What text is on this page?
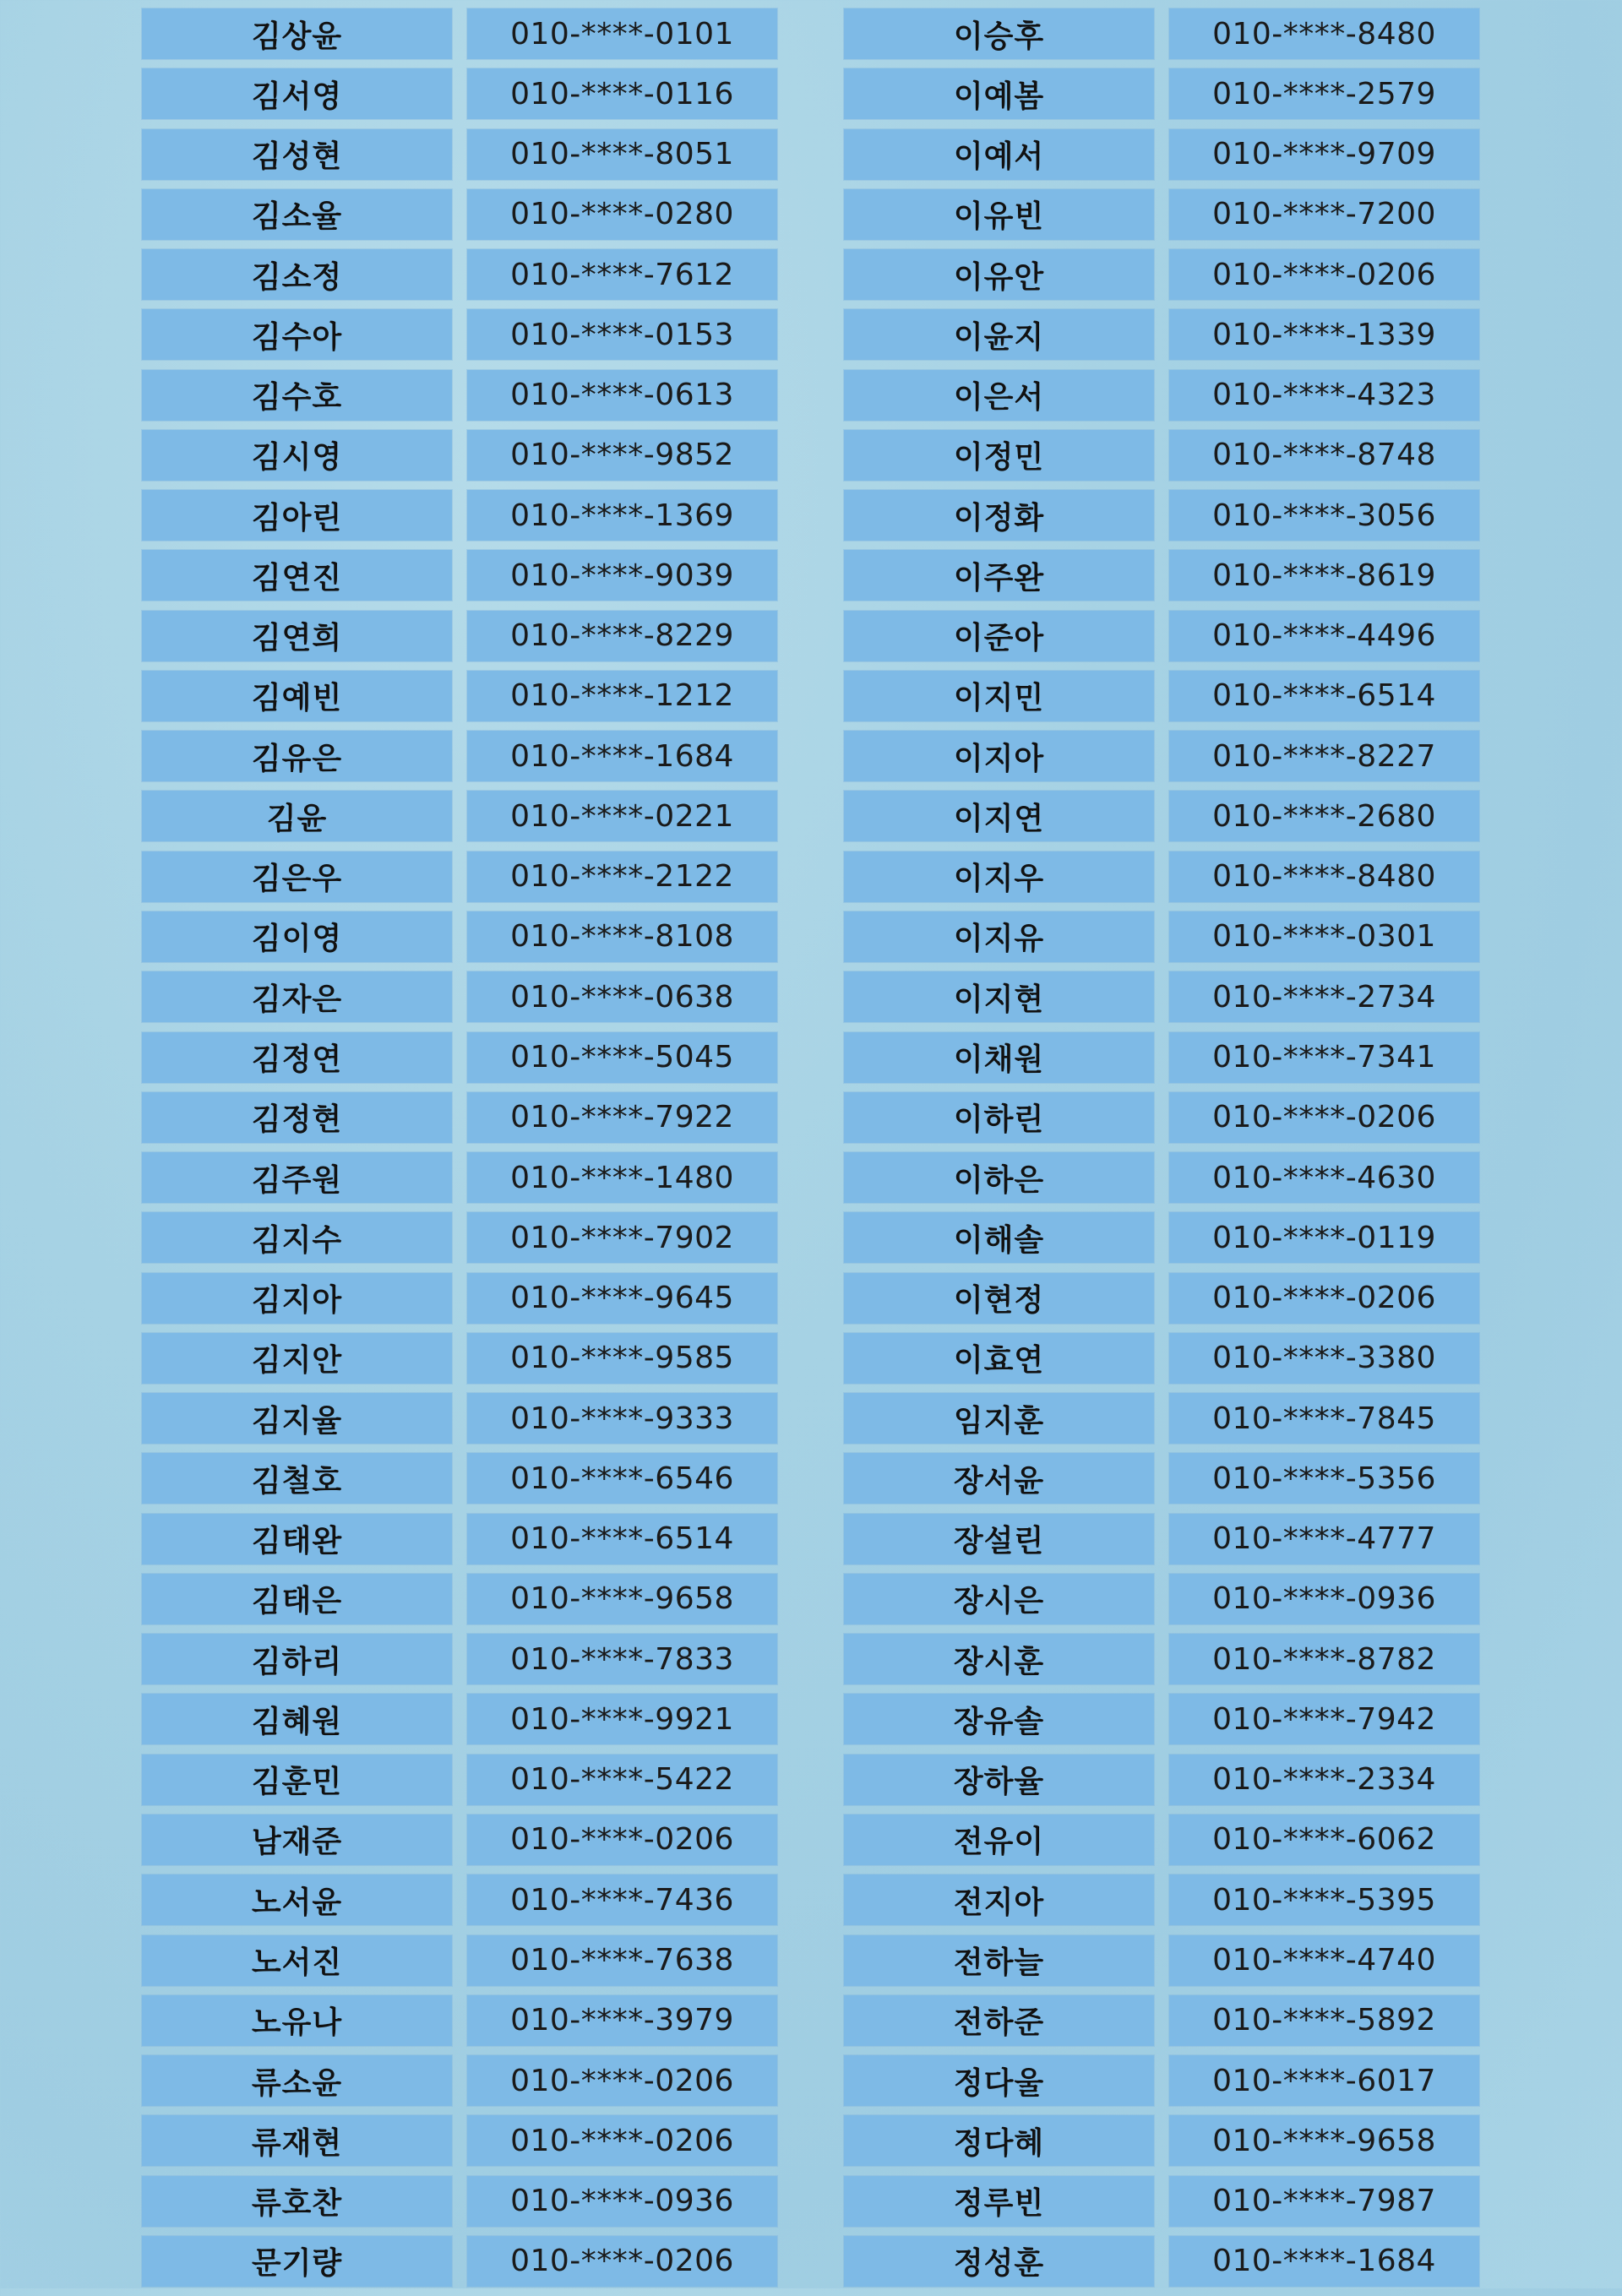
김상윤	010-****-0101
김서영	010-****-0116
김성현	010-****-8051
김소율	010-****-0280
김소정	010-****-7612
김수아	010-****-0153
김수호	010-****-0613
김시영	010-****-9852
김아린	010-****-1369
김연진	010-****-9039
김연희	010-****-8229
김예빈	010-****-1212
김유은	010-****-1684
김윤	010-****-0221
김은우	010-****-2122
김이영	010-****-8108
김자은	010-****-0638
김정연	010-****-5045
김정현	010-****-7922
김주원	010-****-1480
김지수	010-****-7902
김지아	010-****-9645
김지안	010-****-9585
김지율	010-****-9333
김철호	010-****-6546
김태완	010-****-6514
김태은	010-****-9658
김하리	010-****-7833
김혜원	010-****-9921
김훈민	010-****-5422
남재준	010-****-0206
노서윤	010-****-7436
노서진	010-****-7638
노유나	010-****-3979
류소윤	010-****-0206
류재현	010-****-0206
류호찬	010-****-0936
문기량	010-****-0206
이승후	010-****-8480
이예봄	010-****-2579
이예서	010-****-9709
이유빈	010-****-7200
이유안	010-****-0206
이윤지	010-****-1339
이은서	010-****-4323
이정민	010-****-8748
이정화	010-****-3056
이주완	010-****-8619
이준아	010-****-4496
이지민	010-****-6514
이지아	010-****-8227
이지연	010-****-2680
이지우	010-****-8480
이지유	010-****-0301
이지현	010-****-2734
이채원	010-****-7341
이하린	010-****-0206
이하은	010-****-4630
이해솔	010-****-0119
이현정	010-****-0206
이효연	010-****-3380
임지훈	010-****-7845
장서윤	010-****-5356
장설린	010-****-4777
장시은	010-****-0936
장시훈	010-****-8782
장유솔	010-****-7942
장하율	010-****-2334
전유이	010-****-6062
전지아	010-****-5395
전하늘	010-****-4740
전하준	010-****-5892
정다울	010-****-6017
정다혜	010-****-9658
정루빈	010-****-7987
정성훈	010-****-1684
